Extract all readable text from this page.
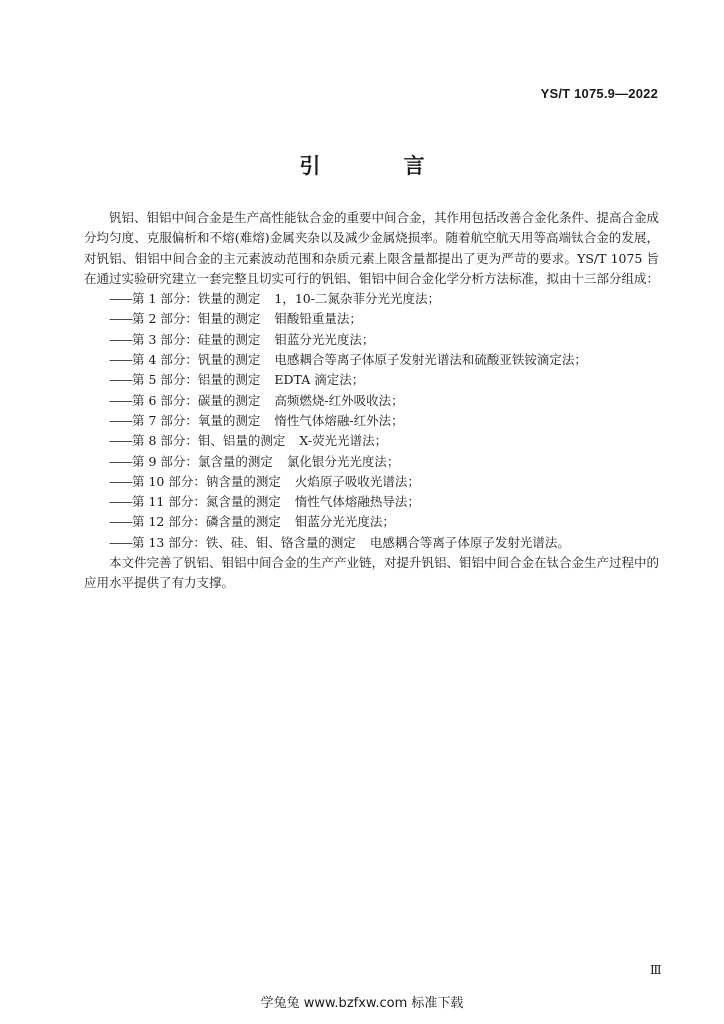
YS/T 1075.9—2022
引 言

钒铝、钼铝中间合金是生产高性能钛合金的重要中间合金，其作用包括改善合金化条件、提高合金成分均匀度、克服偏析和不熔(难熔)金属夹杂以及减少金属烧损率。随着航空航天用等高端钛合金的发展，对钒铝、钼铝中间合金的主元素波动范围和杂质元素上限含量都提出了更为严苛的要求。YS/T 1075 旨在通过实验研究建立一套完整且切实可行的钒铝、钼铝中间合金化学分析方法标准，拟由十三部分组成：

——第 1 部分：铁量的测定 1，10-二氮杂菲分光光度法；
——第 2 部分：钼量的测定 钼酸铅重量法；
——第 3 部分：硅量的测定 钼蓝分光光度法；
——第 4 部分：钒量的测定 电感耦合等离子体原子发射光谱法和硫酸亚铁铵滴定法；
——第 5 部分：铝量的测定 EDTA 滴定法；
——第 6 部分：碳量的测定 高频燃烧-红外吸收法；
——第 7 部分：氧量的测定 惰性气体熔融-红外法；
——第 8 部分：钼、铝量的测定 X-荧光光谱法；
——第 9 部分：氯含量的测定 氯化银分光光度法；
——第 10 部分：钠含量的测定 火焰原子吸收光谱法；
——第 11 部分：氮含量的测定 惰性气体熔融热导法；
——第 12 部分：磷含量的测定 钼蓝分光光度法；
——第 13 部分：铁、硅、钼、铬含量的测定 电感耦合等离子体原子发射光谱法。

本文件完善了钒铝、钼铝中间合金的生产产业链，对提升钒铝、钼铝中间合金在钛合金生产过程中的应用水平提供了有力支撑。

Ⅲ
学兔兔 www.bzfxw.com 标准下载
